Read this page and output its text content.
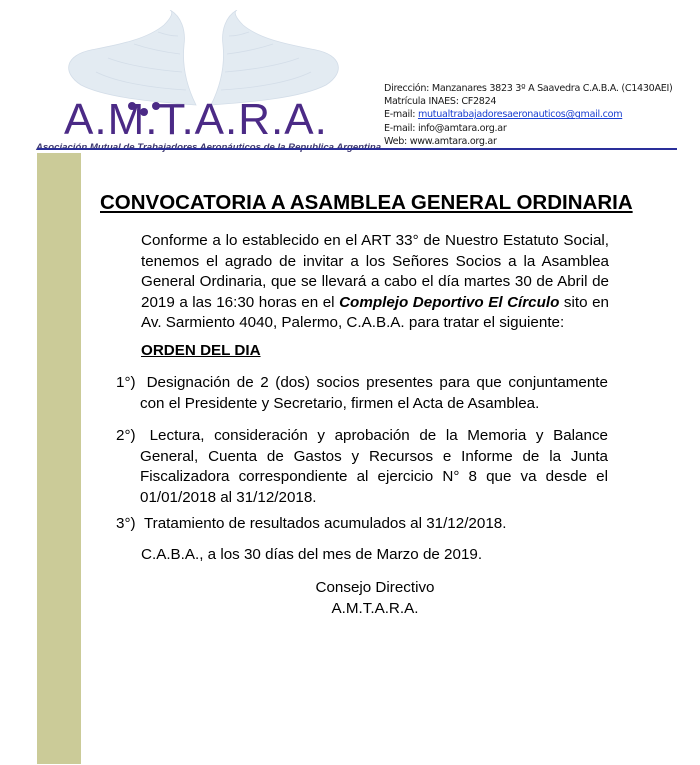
A.M.T.A.R.A.
Dirección: Manzanares 3823 3º A Saavedra C.A.B.A. (C1430AEI)
Matrícula INAES: CF2824
E-mail: mutualtrabajadoresaeronauticos@gmail.com
E-mail: info@amtara.org.ar
Web: www.amtara.org.ar
CONVOCATORIA A ASAMBLEA GENERAL ORDINARIA
Conforme a lo establecido en el ART 33° de Nuestro Estatuto Social, tenemos el agrado de invitar a los Señores Socios a la Asamblea General Ordinaria, que se llevará a cabo el día martes 30 de Abril de 2019 a las 16:30 horas en el Complejo Deportivo El Círculo sito en Av. Sarmiento 4040, Palermo, C.A.B.A. para tratar el siguiente:
ORDEN DEL DIA
1°) Designación de 2 (dos) socios presentes para que conjuntamente con el Presidente y Secretario, firmen el Acta de Asamblea.
2°) Lectura, consideración y aprobación de la Memoria y Balance General, Cuenta de Gastos y Recursos e Informe de la Junta Fiscalizadora correspondiente al ejercicio N° 8 que va desde el 01/01/2018 al 31/12/2018.
3°) Tratamiento de resultados acumulados al 31/12/2018.
C.A.B.A., a los 30 días del mes de Marzo de 2019.
Consejo Directivo
A.M.T.A.R.A.
